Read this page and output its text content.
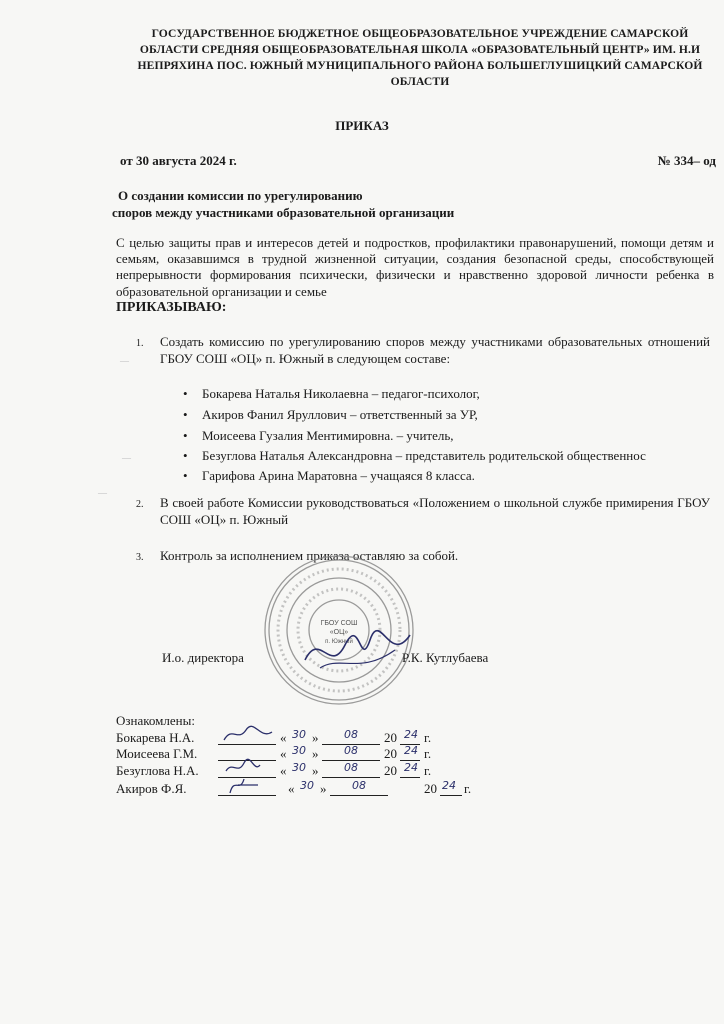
ГОСУДАРСТВЕННОЕ БЮДЖЕТНОЕ ОБЩЕОБРАЗОВАТЕЛЬНОЕ УЧРЕЖДЕНИЕ САМАРСКОЙ
ОБЛАСТИ СРЕДНЯЯ ОБЩЕОБРАЗОВАТЕЛЬНАЯ ШКОЛА «ОБРАЗОВАТЕЛЬНЫЙ ЦЕНТР» ИМ. Н.И
НЕПРЯХИНА ПОС. ЮЖНЫЙ МУНИЦИПАЛЬНОГО РАЙОНА БОЛЬШЕГЛУШИЦКИЙ САМАРСКОЙ
ОБЛАСТИ
ПРИКАЗ
от 30 августа 2024 г.	№ 334– од
О создании комиссии по урегулированию
споров между участниками образовательной организации
С целью защиты прав и интересов детей и подростков, профилактики правонарушений, помощи детям и семьям, оказавшимся в трудной жизненной ситуации, создания безопасной среды, способствующей непрерывности формирования психически, физически и нравственно здоровой личности ребенка в образовательной организации и семье
ПРИКАЗЫВАЮ:
1. Создать комиссию по урегулированию споров между участниками образовательных отношений ГБОУ СОШ «ОЦ» п. Южный в следующем составе:
• Бокарева Наталья Николаевна – педагог-психолог,
• Акиров Фанил Яруллович – ответственный за УР,
• Моисеева Гузалия Ментимировна. – учитель,
• Безуглова Наталья Александровна – представитель родительской общественнос
• Гарифова Арина Маратовна – учащаяся 8 класса.
2. В своей работе Комиссии руководствоваться «Положением о школьной службе примирения ГБОУ СОШ «ОЦ» п. Южный
3. Контроль за исполнением приказа оставляю за собой.
ГБОУ СОШ
«ОЦ»
п. Южный
И.о. директора	Р.К. Кутлубаева
Ознакомлены:
Бокарева Н.А.	« 30 » 08 20 24 г.
Моисеева Г.М.	« 30 » 08 20 24 г.
Безуглова Н.А.	« 30 » 08 20 24 г.
Акиров Ф.Я.	« 30 » 08	20 24 г.
—
—
—
